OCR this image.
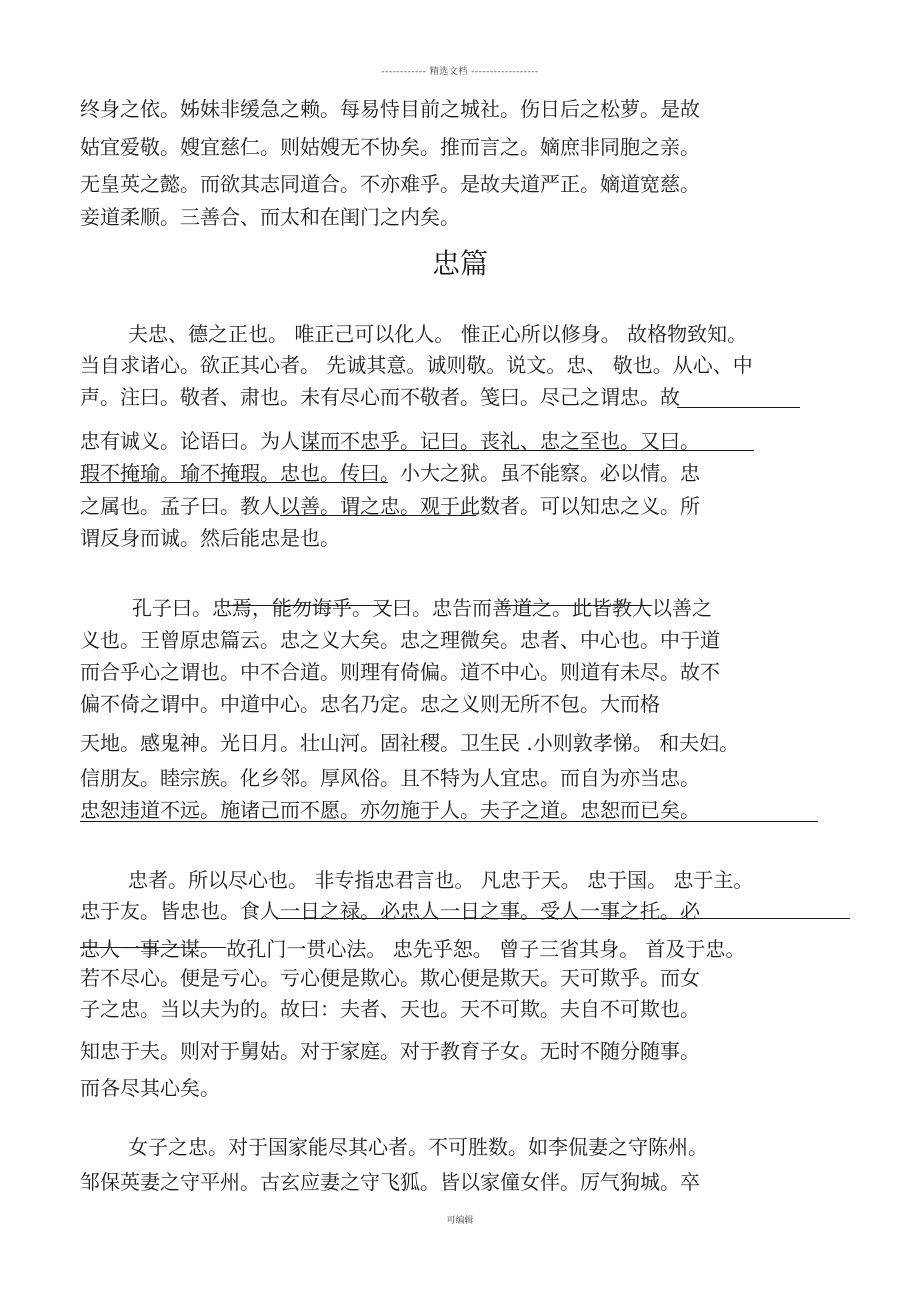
------------ 精选文档 ------------------
终身之依。姊妹非缓急之赖。每易恃目前之城社。伤日后之松萝。是故
姑宜爱敬。嫂宜慈仁。则姑嫂无不协矣。推而言之。嫡庶非同胞之亲。
无皇英之懿。而欲其志同道合。不亦难乎。是故夫道严正。嫡道宽慈。
妾道柔顺。三善合、而太和在闺门之内矣。
忠篇
夫忠、德之正也。 唯正己可以化人。 惟正心所以修身。 故格物致知。
当自求诸心。欲正其心者。 先诚其意。诚则敬。说文。忠、 敬也。从心、中
声。注曰。敬者、肃也。未有尽心而不敬者。笺曰。尽己之谓忠。故
忠有诚义。论语曰。为人谋而不忠乎。记曰。丧礼、忠之至也。又曰。
瑕不掩瑜。瑜不掩瑕。忠也。传曰。小大之狱。虽不能察。必以情。忠
之属也。孟子曰。教人以善。谓之忠。观于此数者。可以知忠之义。所
谓反身而诚。然后能忠是也。
孔子曰。忠焉，能勿诲乎。又曰。忠告而善道之。此皆教人以善之
义也。王曾原忠篇云。忠之义大矣。忠之理微矣。忠者、中心也。中于道
而合乎心之谓也。中不合道。则理有倚偏。道不中心。则道有未尽。故不
偏不倚之谓中。中道中心。忠名乃定。忠之义则无所不包。大而格
天地。感鬼神。光日月。壮山河。固社稷。卫生民 .小则敦孝悌。 和夫妇。
信朋友。睦宗族。化乡邻。厚风俗。且不特为人宜忠。而自为亦当忠。
忠恕违道不远。施诸己而不愿。亦勿施于人。夫子之道。忠恕而已矣。
忠者。所以尽心也。 非专指忠君言也。 凡忠于天。 忠于国。 忠于主。
忠于友。皆忠也。食人一日之禄。必忠人一日之事。受人一事之托。必
忠人一事之谋。 故孔门一贯心法。 忠先乎恕。 曾子三省其身。 首及于忠。
若不尽心。便是亏心。亏心便是欺心。欺心便是欺天。天可欺乎。而女
子之忠。当以夫为的。故曰：夫者、天也。天不可欺。夫自不可欺也。
知忠于夫。则对于舅姑。对于家庭。对于教育子女。无时不随分随事。
而各尽其心矣。
女子之忠。对于国家能尽其心者。不可胜数。如李侃妻之守陈州。
邹保英妻之守平州。古玄应妻之守飞狐。皆以家僮女伴。厉气狗城。卒
可编辑
